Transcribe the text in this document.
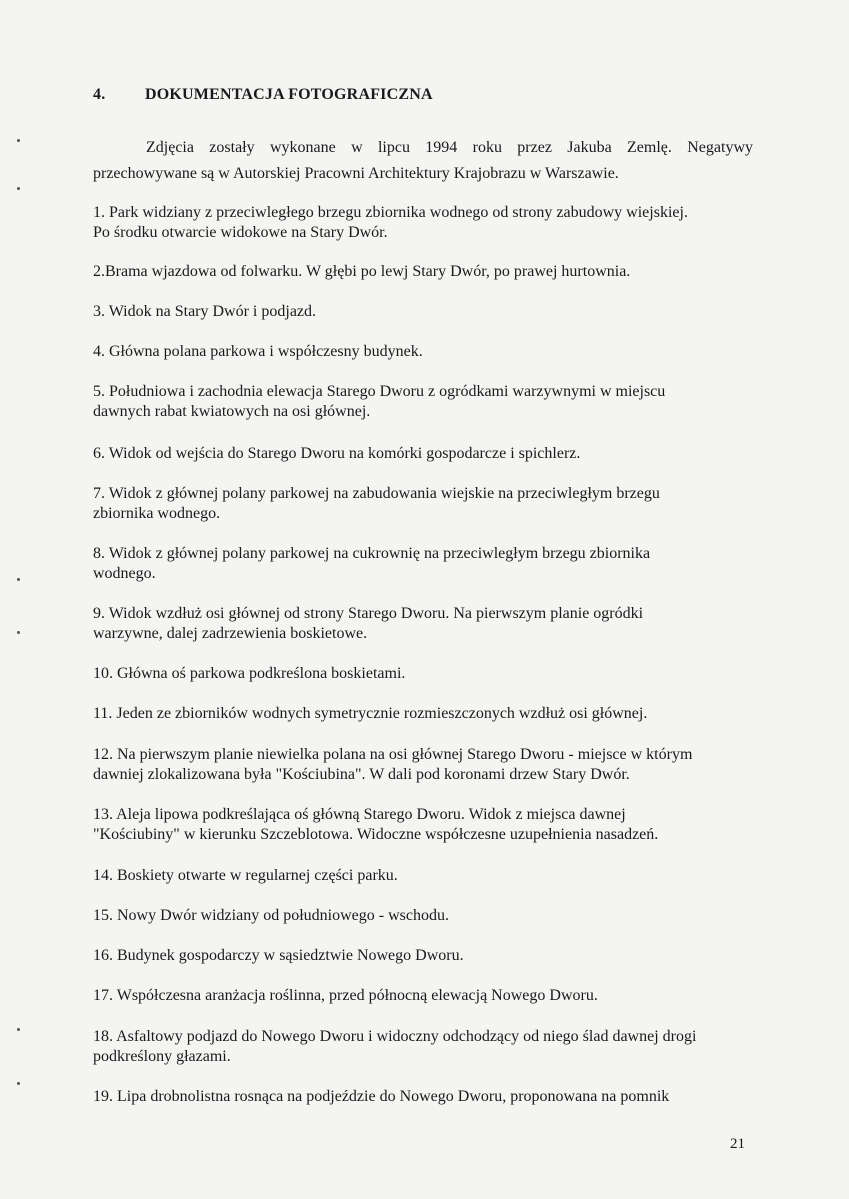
4. DOKUMENTACJA FOTOGRAFICZNA
Zdjęcia zostały wykonane w lipcu 1994 roku przez Jakuba Zemlę. Negatywy
przechowywane są w Autorskiej Pracowni Architektury Krajobrazu w Warszawie.
1. Park widziany z przeciwległego brzegu zbiornika wodnego od strony zabudowy wiejskiej.
Po środku otwarcie widokowe na Stary Dwór.
2.Brama wjazdowa od folwarku. W głębi po lewj Stary Dwór, po prawej hurtownia.
3. Widok na Stary Dwór i podjazd.
4. Główna polana parkowa i współczesny budynek.
5. Południowa i zachodnia elewacja Starego Dworu z ogródkami warzywnymi w miejscu
dawnych rabat kwiatowych na osi głównej.
6. Widok od wejścia do Starego Dworu na komórki gospodarcze i spichlerz.
7. Widok z głównej polany parkowej na zabudowania wiejskie na przeciwległym brzegu
zbiornika wodnego.
8. Widok z głównej polany parkowej na cukrownię na przeciwległym brzegu zbiornika
wodnego.
9. Widok wzdłuż osi głównej od strony Starego Dworu. Na pierwszym planie ogródki
warzywne, dalej zadrzewienia boskietowe.
10. Główna oś parkowa podkreślona boskietami.
11. Jeden ze zbiorników wodnych symetrycznie rozmieszczonych wzdłuż osi głównej.
12. Na pierwszym planie niewielka polana na osi głównej Starego Dworu - miejsce w którym
dawniej zlokalizowana była "Kościubina". W dali pod koronami drzew Stary Dwór.
13. Aleja lipowa podkreślająca oś główną Starego Dworu. Widok z miejsca dawnej
"Kościubiny" w kierunku Szczeblotowa. Widoczne współczesne uzupełnienia nasadzeń.
14. Boskiety otwarte w regularnej części parku.
15. Nowy Dwór widziany od południowego - wschodu.
16. Budynek gospodarczy w sąsiedztwie Nowego Dworu.
17. Współczesna aranżacja roślinna, przed północną elewacją Nowego Dworu.
18. Asfaltowy podjazd do Nowego Dworu i widoczny odchodzący od niego ślad dawnej drogi
podkreślony głazami.
19. Lipa drobnolistna rosnąca na podjeździe do Nowego Dworu, proponowana na pomnik
21
